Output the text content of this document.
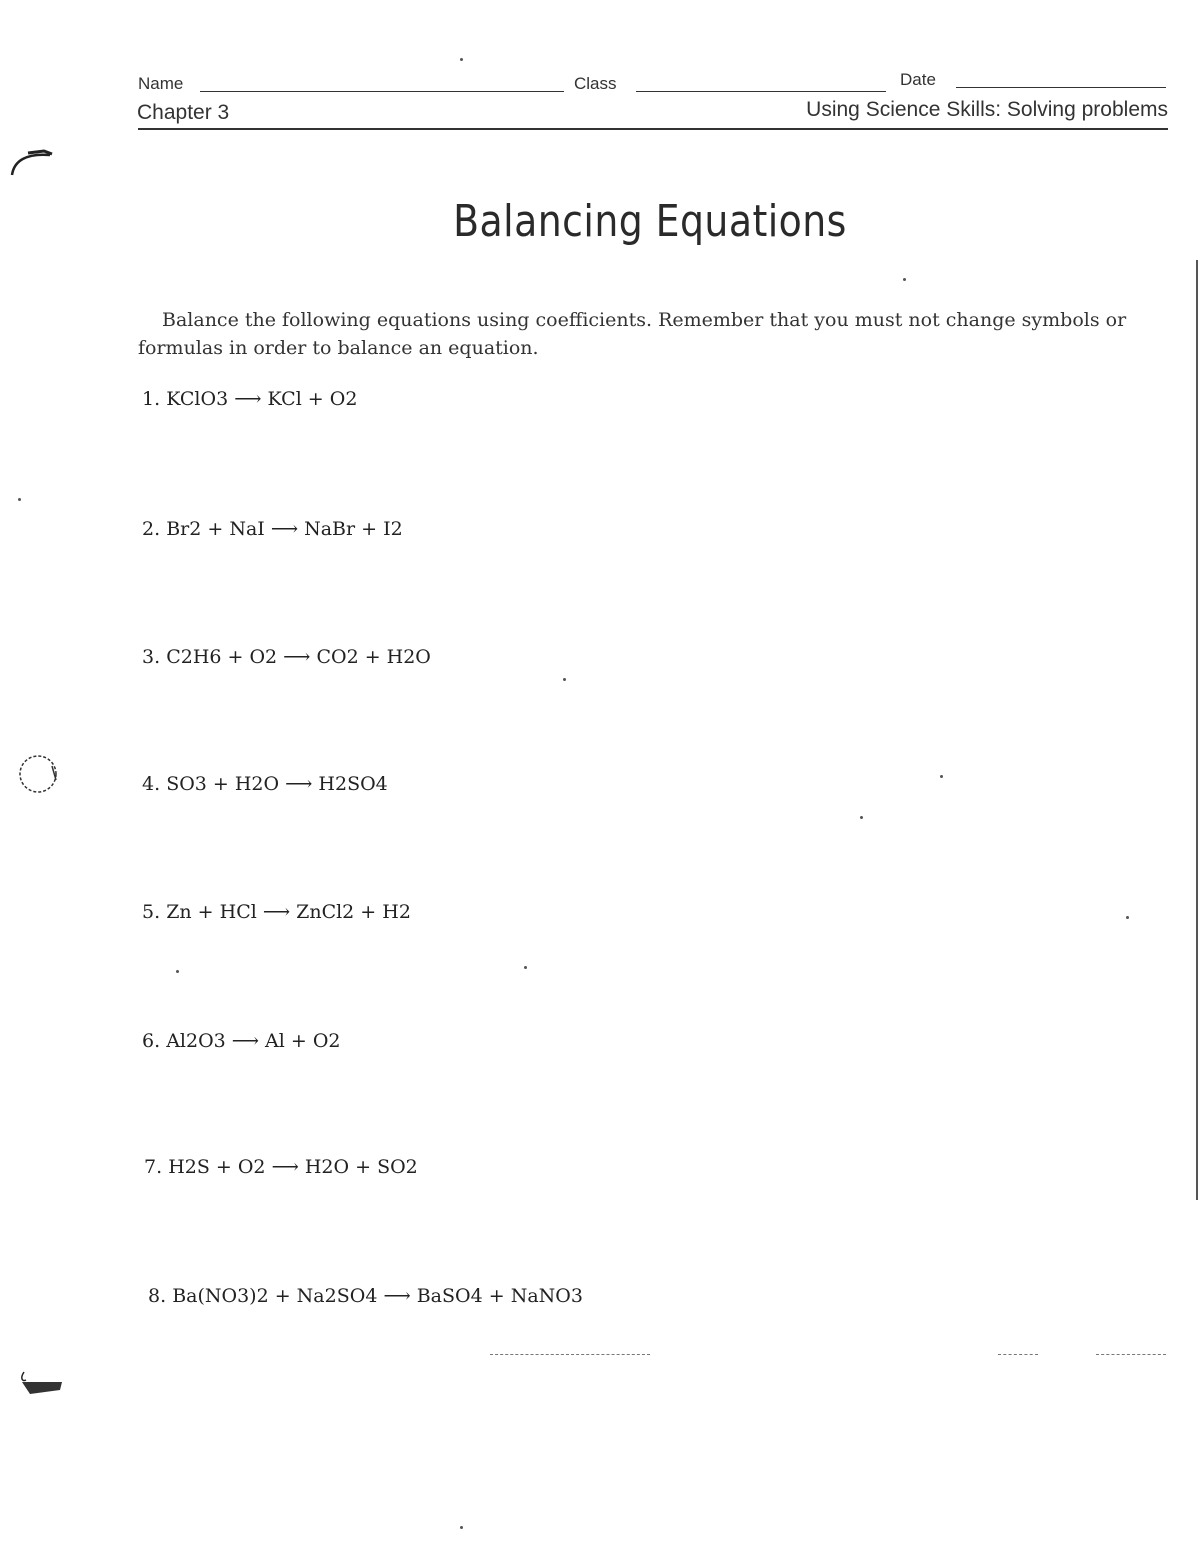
Name	Class	Date
Chapter 3	Using Science Skills: Solving problems
Balancing Equations
Balance the following equations using coefficients. Remember that you must not change symbols or formulas in order to balance an equation.
1. KClO3 ⟶ KCl + O2
2. Br2 + NaI ⟶ NaBr + I2
3. C2H6 + O2 ⟶ CO2 + H2O
4. SO3 + H2O ⟶ H2SO4
5. Zn + HCl ⟶ ZnCl2 + H2
6. Al2O3 ⟶ Al + O2
7. H2S + O2 ⟶ H2O + SO2
8. Ba(NO3)2 + Na2SO4 ⟶ BaSO4 + NaNO3
